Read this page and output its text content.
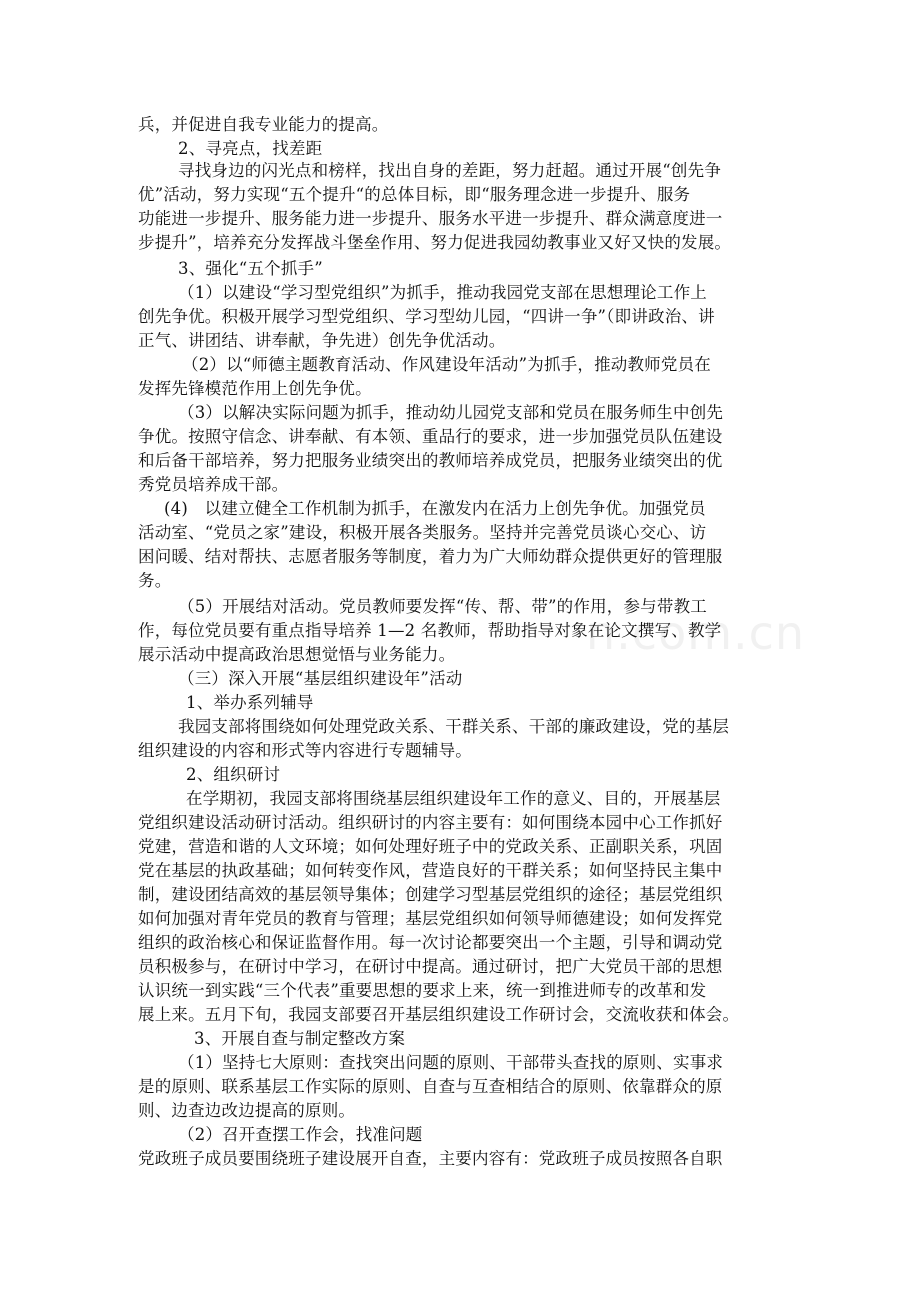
n.com.cn
兵，并促进自我专业能力的提高。
2、寻亮点，找差距
寻找身边的闪光点和榜样，找出自身的差距，努力赶超。通过开展“创先争
优”活动，努力实现“五个提升“的总体目标，即“服务理念进一步提升、服务
功能进一步提升、服务能力进一步提升、服务水平进一步提升、群众满意度进一
步提升”，培养充分发挥战斗堡垒作用、努力促进我园幼教事业又好又快的发展。
3、强化“五个抓手”
（1）以建设“学习型党组织”为抓手，推动我园党支部在思想理论工作上
创先争优。积极开展学习型党组织、学习型幼儿园，“四讲一争”（即讲政治、讲
正气、讲团结、讲奉献，争先进）创先争优活动。
（2）以“师德主题教育活动、作风建设年活动”为抓手，推动教师党员在
发挥先锋模范作用上创先争优。
（3）以解决实际问题为抓手，推动幼儿园党支部和党员在服务师生中创先
争优。按照守信念、讲奉献、有本领、重品行的要求，进一步加强党员队伍建设
和后备干部培养，努力把服务业绩突出的教师培养成党员，把服务业绩突出的优
秀党员培养成干部。
(4)　以建立健全工作机制为抓手，在激发内在活力上创先争优。加强党员
活动室、“党员之家”建设，积极开展各类服务。坚持并完善党员谈心交心、访
困问暖、结对帮扶、志愿者服务等制度，着力为广大师幼群众提供更好的管理服
务。
（5）开展结对活动。党员教师要发挥“传、帮、带”的作用，参与带教工
作，每位党员要有重点指导培养 1—2 名教师，帮助指导对象在论文撰写、教学
展示活动中提高政治思想觉悟与业务能力。
（三）深入开展“基层组织建设年”活动
1、举办系列辅导
我园支部将围绕如何处理党政关系、干群关系、干部的廉政建设，党的基层
组织建设的内容和形式等内容进行专题辅导。
2、组织研讨
在学期初，我园支部将围绕基层组织建设年工作的意义、目的，开展基层
党组织建设活动研讨活动。组织研讨的内容主要有：如何围绕本园中心工作抓好
党建，营造和谐的人文环境；如何处理好班子中的党政关系、正副职关系，巩固
党在基层的执政基础；如何转变作风，营造良好的干群关系；如何坚持民主集中
制，建设团结高效的基层领导集体；创建学习型基层党组织的途径；基层党组织
如何加强对青年党员的教育与管理；基层党组织如何领导师德建设；如何发挥党
组织的政治核心和保证监督作用。每一次讨论都要突出一个主题，引导和调动党
员积极参与，在研讨中学习，在研讨中提高。通过研讨，把广大党员干部的思想
认识统一到实践“三个代表”重要思想的要求上来，统一到推进师专的改革和发
展上来。五月下旬，我园支部要召开基层组织建设工作研讨会，交流收获和体会。
3、开展自查与制定整改方案
（1）坚持七大原则：查找突出问题的原则、干部带头查找的原则、实事求
是的原则、联系基层工作实际的原则、自查与互查相结合的原则、依靠群众的原
则、边查边改边提高的原则。
（2）召开查摆工作会，找准问题
党政班子成员要围绕班子建设展开自查，主要内容有：党政班子成员按照各自职
